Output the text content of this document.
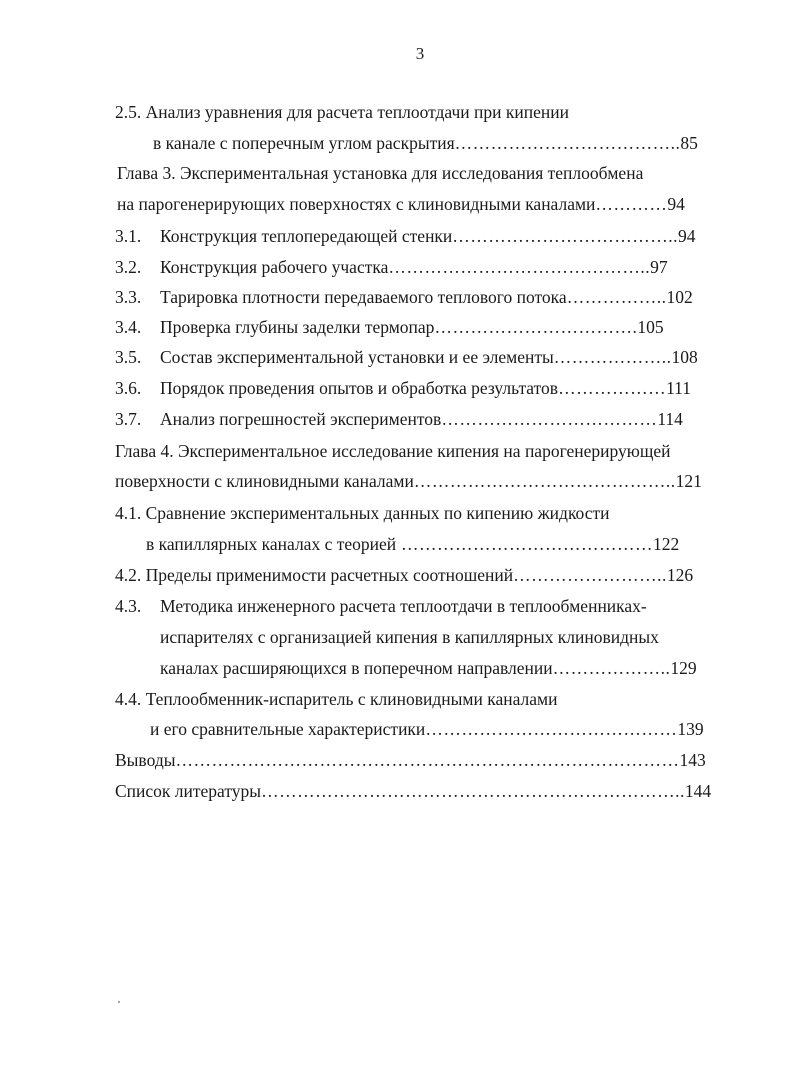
3
2.5. Анализ уравнения для расчета теплоотдачи при кипении
в канале с поперечным углом раскрытия………………………………..85
Глава 3. Экспериментальная установка для исследования теплообмена
на парогенерирующих поверхностях с клиновидными каналами…………94
3.1. Конструкция теплопередающей стенки………………………………..94
3.2. Конструкция рабочего участка……………………………………..97
3.3. Тарировка плотности передаваемого теплового потока……………..102
3.4. Проверка глубины заделки термопар…………………………….105
3.5. Состав экспериментальной установки и ее элементы………………..108
3.6. Порядок проведения опытов и обработка результатов………………111
3.7. Анализ погрешностей экспериментов………………………………114
Глава 4. Экспериментальное исследование кипения на парогенерирующей
поверхности с клиновидными каналами……………………………………..121
4.1. Сравнение экспериментальных данных по кипению жидкости
в капиллярных каналах с теорией ……………………………………122
4.2. Пределы применимости расчетных соотношений……………………..126
4.3. Методика инженерного расчета теплоотдачи в теплообменниках-
испарителях с организацией кипения в капиллярных клиновидных
каналах расширяющихся в поперечном направлении………………..129
4.4. Теплообменник-испаритель с клиновидными каналами
и его сравнительные характеристики……………………………………139
Выводы…………………………………………………………………………143
Список литературы……………………………………………………………..144
